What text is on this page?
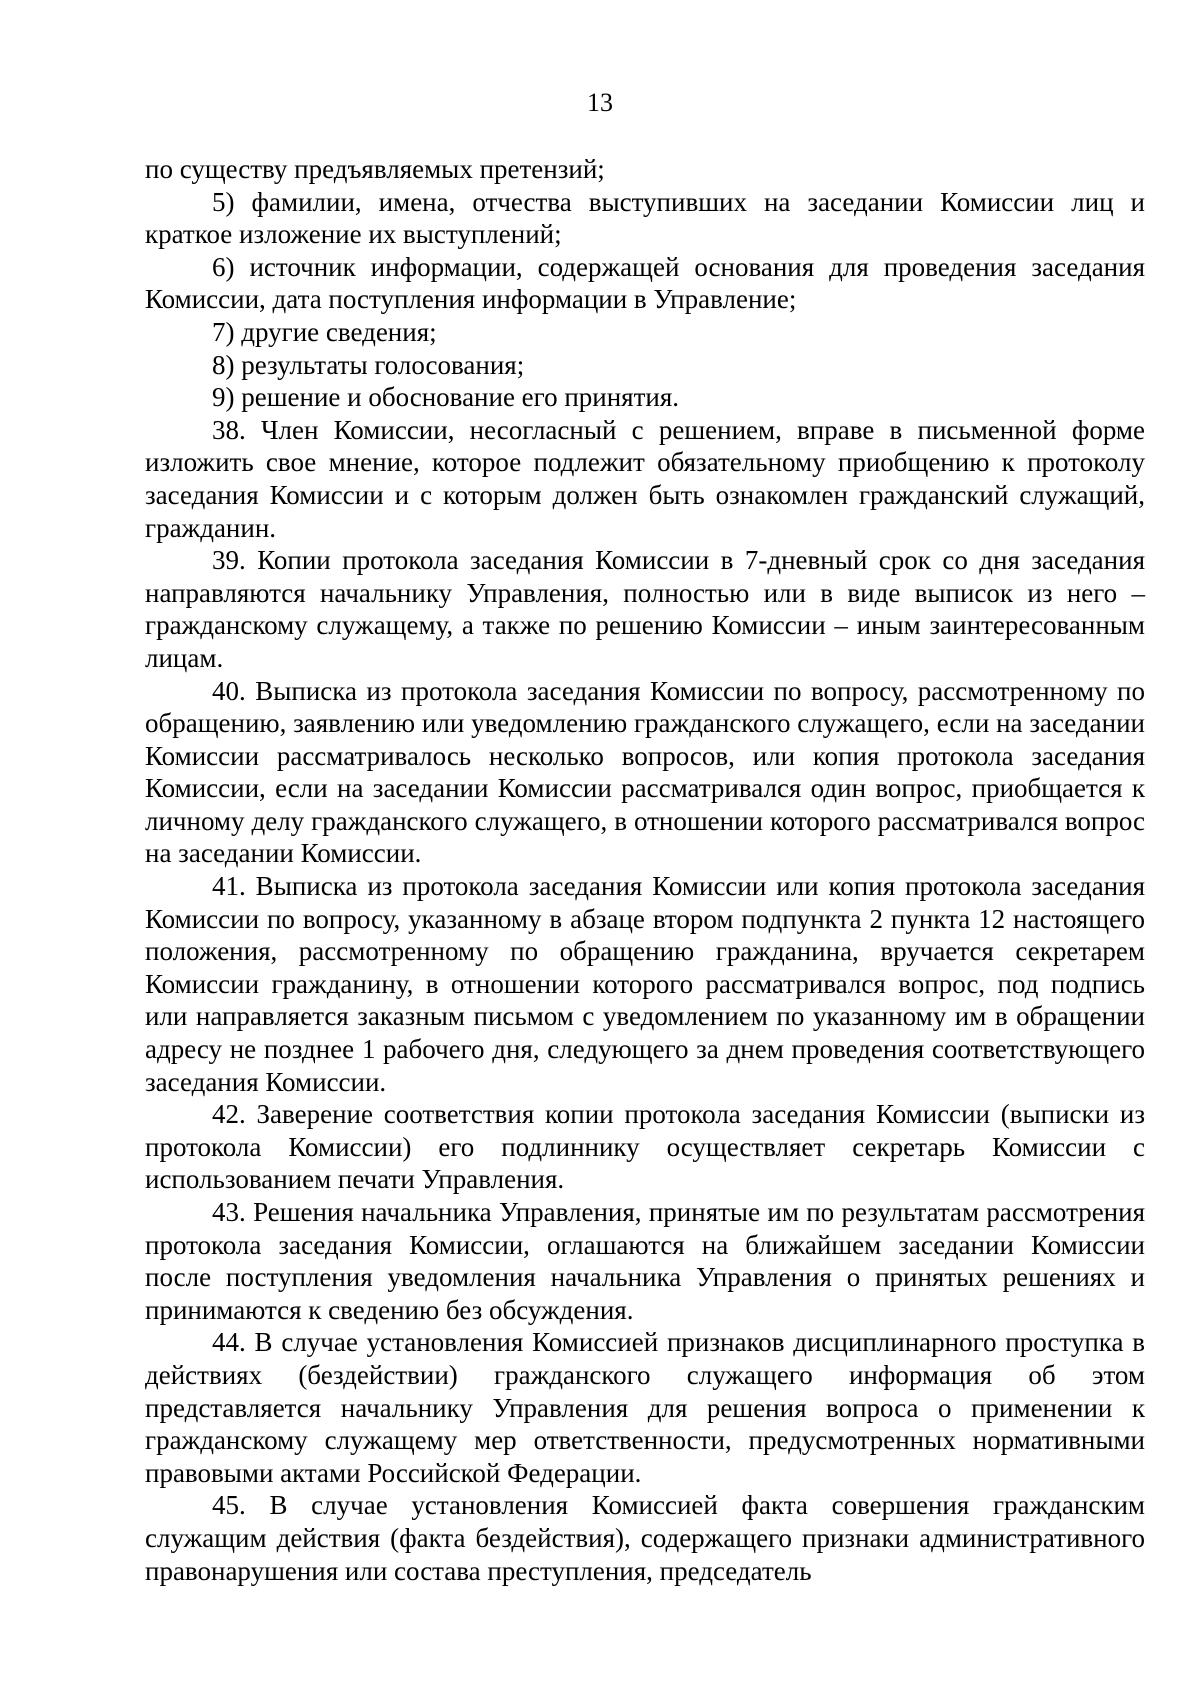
13

по существу предъявляемых претензий;

5) фамилии, имена, отчества выступивших на заседании Комиссии лиц и краткое изложение их выступлений;

6) источник информации, содержащей основания для проведения заседания Комиссии, дата поступления информации в Управление;

7) другие сведения;

8) результаты голосования;

9) решение и обоснование его принятия.

38. Член Комиссии, несогласный с решением, вправе в письменной форме изложить свое мнение, которое подлежит обязательному приобщению к протоколу заседания Комиссии и с которым должен быть ознакомлен гражданский служащий, гражданин.

39. Копии протокола заседания Комиссии в 7-дневный срок со дня заседания направляются начальнику Управления, полностью или в виде выписок из него – гражданскому служащему, а также по решению Комиссии – иным заинтересованным лицам.

40. Выписка из протокола заседания Комиссии по вопросу, рассмотренному по обращению, заявлению или уведомлению гражданского служащего, если на заседании Комиссии рассматривалось несколько вопросов, или копия протокола заседания Комиссии, если на заседании Комиссии рассматривался один вопрос, приобщается к личному делу гражданского служащего, в отношении которого рассматривался вопрос на заседании Комиссии.

41. Выписка из протокола заседания Комиссии или копия протокола заседания Комиссии по вопросу, указанному в абзаце втором подпункта 2 пункта 12 настоящего положения, рассмотренному по обращению гражданина, вручается секретарем Комиссии гражданину, в отношении которого рассматривался вопрос, под подпись или направляется заказным письмом с уведомлением по указанному им в обращении адресу не позднее 1 рабочего дня, следующего за днем проведения соответствующего заседания Комиссии.

42. Заверение соответствия копии протокола заседания Комиссии (выписки из протокола Комиссии) его подлиннику осуществляет секретарь Комиссии с использованием печати Управления.

43. Решения начальника Управления, принятые им по результатам рассмотрения протокола заседания Комиссии, оглашаются на ближайшем заседании Комиссии после поступления уведомления начальника Управления о принятых решениях и принимаются к сведению без обсуждения.

44. В случае установления Комиссией признаков дисциплинарного проступка в действиях (бездействии) гражданского служащего информация об этом представляется начальнику Управления для решения вопроса о применении к гражданскому служащему мер ответственности, предусмотренных нормативными правовыми актами Российской Федерации.

45. В случае установления Комиссией факта совершения гражданским служащим действия (факта бездействия), содержащего признаки административного правонарушения или состава преступления, председатель
